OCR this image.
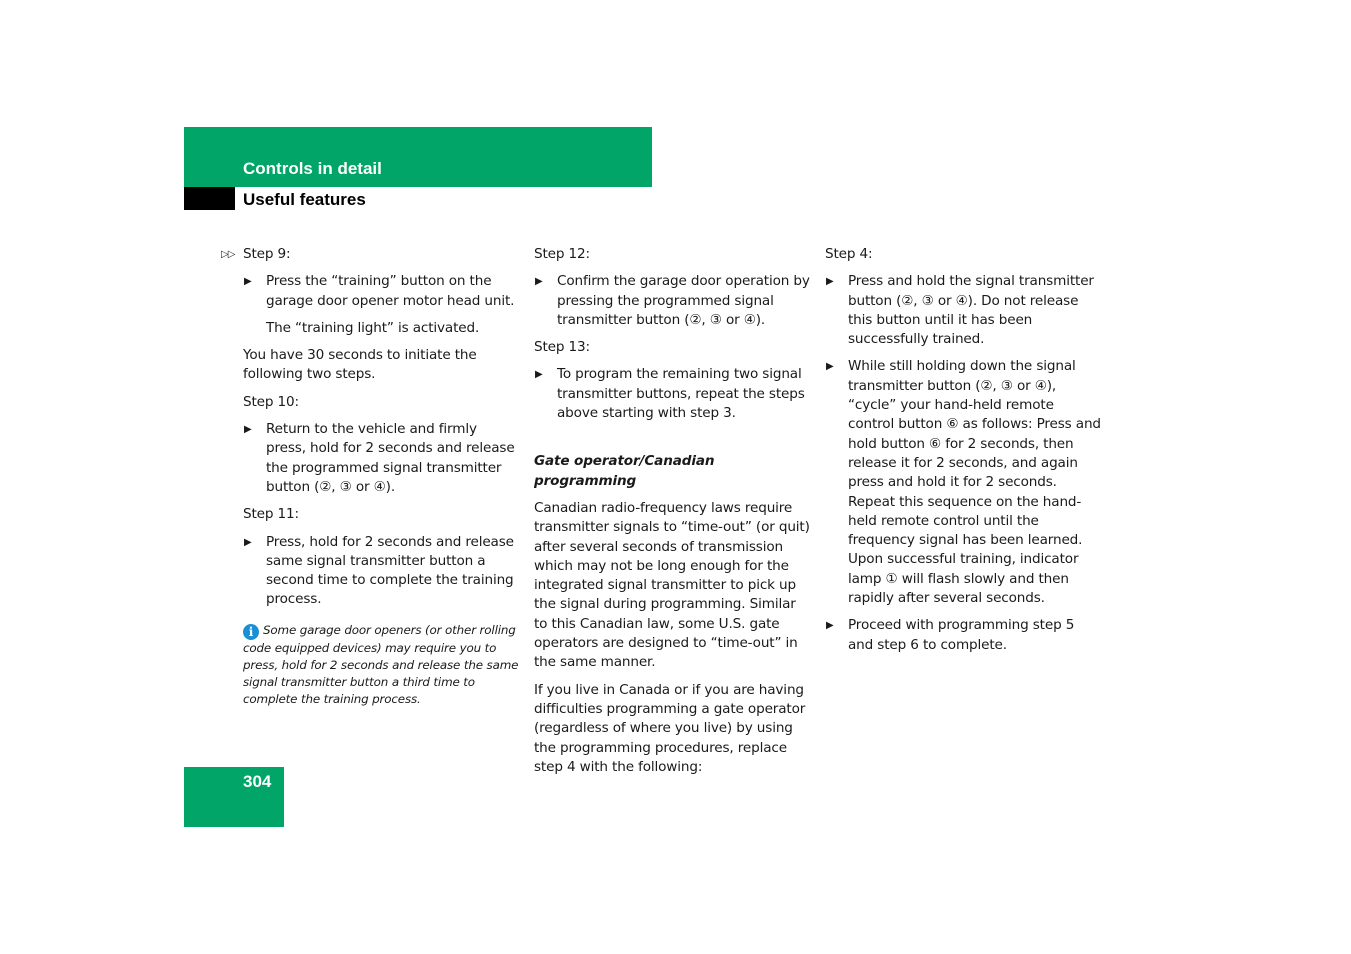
Controls in detail
Useful features

▷▷ Step 9:

▶ Press the “training” button on the garage door opener motor head unit.

The “training light” is activated.

You have 30 seconds to initiate the following two steps.

Step 10:

▶ Return to the vehicle and firmly press, hold for 2 seconds and release the programmed signal transmitter button (②, ③ or ④).

Step 11:

▶ Press, hold for 2 seconds and release same signal transmitter button a second time to complete the training process.
i Some garage door openers (or other rolling code equipped devices) may require you to press, hold for 2 seconds and release the same signal transmitter button a third time to complete the training process.

Step 12:

▶ Confirm the garage door operation by pressing the programmed signal transmitter button (②, ③ or ④).

Step 13:

▶ To program the remaining two signal transmitter buttons, repeat the steps above starting with step 3.

Gate operator/Canadian programming

Canadian radio-frequency laws require transmitter signals to “time-out” (or quit) after several seconds of transmission which may not be long enough for the integrated signal transmitter to pick up the signal during programming. Similar to this Canadian law, some U.S. gate operators are designed to “time-out” in the same manner.

If you live in Canada or if you are having difficulties programming a gate operator (regardless of where you live) by using the programming procedures, replace step 4 with the following:

Step 4:

▶ Press and hold the signal transmitter button (②, ③ or ④). Do not release this button until it has been successfully trained.
▶ While still holding down the signal transmitter button (②, ③ or ④), “cycle” your hand-held remote control button ⑥ as follows: Press and hold button ⑥ for 2 seconds, then release it for 2 seconds, and again press and hold it for 2 seconds. Repeat this sequence on the hand-held remote control until the frequency signal has been learned. Upon successful training, indicator lamp ① will flash slowly and then rapidly after several seconds.
▶ Proceed with programming step 5 and step 6 to complete.
304
